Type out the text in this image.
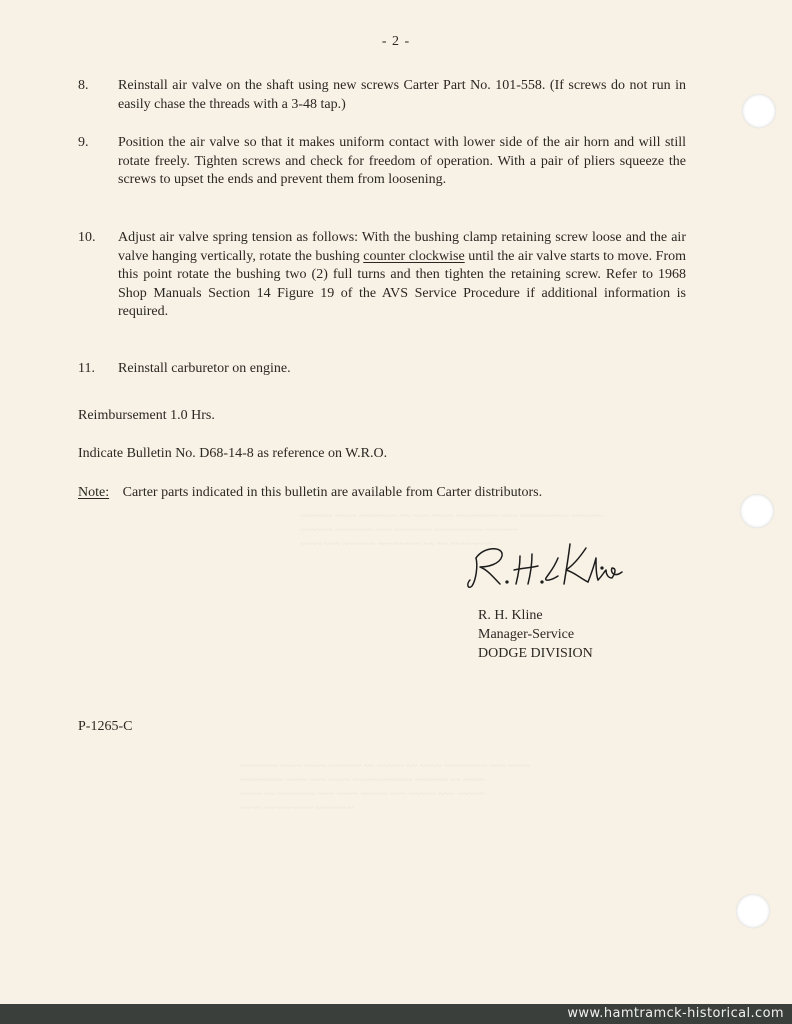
- 2 -
8.	Reinstall air valve on the shaft using new screws Carter Part No. 101-558. (If screws do not run in easily chase the threads with a 3-48 tap.)
9.	Position the air valve so that it makes uniform contact with lower side of the air horn and will still rotate freely. Tighten screws and check for freedom of operation. With a pair of pliers squeeze the screws to upset the ends and prevent them from loosening.
10.	Adjust air valve spring tension as follows: With the bushing clamp retaining screw loose and the air valve hanging vertically, rotate the bushing counter clockwise until the air valve starts to move. From this point rotate the bushing two (2) full turns and then tighten the retaining screw. Refer to 1968 Shop Manuals Section 14 Figure 19 of the AVS Service Procedure if additional information is required.
11.	Reinstall carburetor on engine.
Reimbursement 1.0 Hrs.
Indicate Bulletin No. D68-14-8 as reference on W.R.O.
Note: Carter parts indicated in this bulletin are available from Carter distributors.
R. H. Kline
Manager-Service
DODGE DIVISION
P-1265-C
~~~~~~ ~~~~ ~~~~~~~ ~~ ~~~ ~~~~ ~~~~~~~~ ~~~ ~~~~~~~~~ ~~~~~~
~~~~~~ ~~~~~~~ ~~~ ~~~~~~~ ~~~~~~~~~ ~~~~~~
~~~~ ~~~ ~~~~~~ ~~~~~~~~ ~~ ~~ ~~~~~~~~
~~~~~~~ ~~~~ ~~~~ ~~~~~~ ~~ ~~~~~ ~~ ~~~~ ~~~~~~~~ ~~~ ~~~~
~~~~~~~~ ~~~~ ~~~ ~~~~ ~~~~~~~~~~~ ~~~~~~ ~~ ~~~~
~~~~ ~~ ~~~~~~~ ~~~ ~~~~ ~~~~~ ~~~ ~~~~~ ~~~ ~~~~~
~~~~ ~~~~~~~~~ ~~~~~~~
www.hamtramck-historical.com
